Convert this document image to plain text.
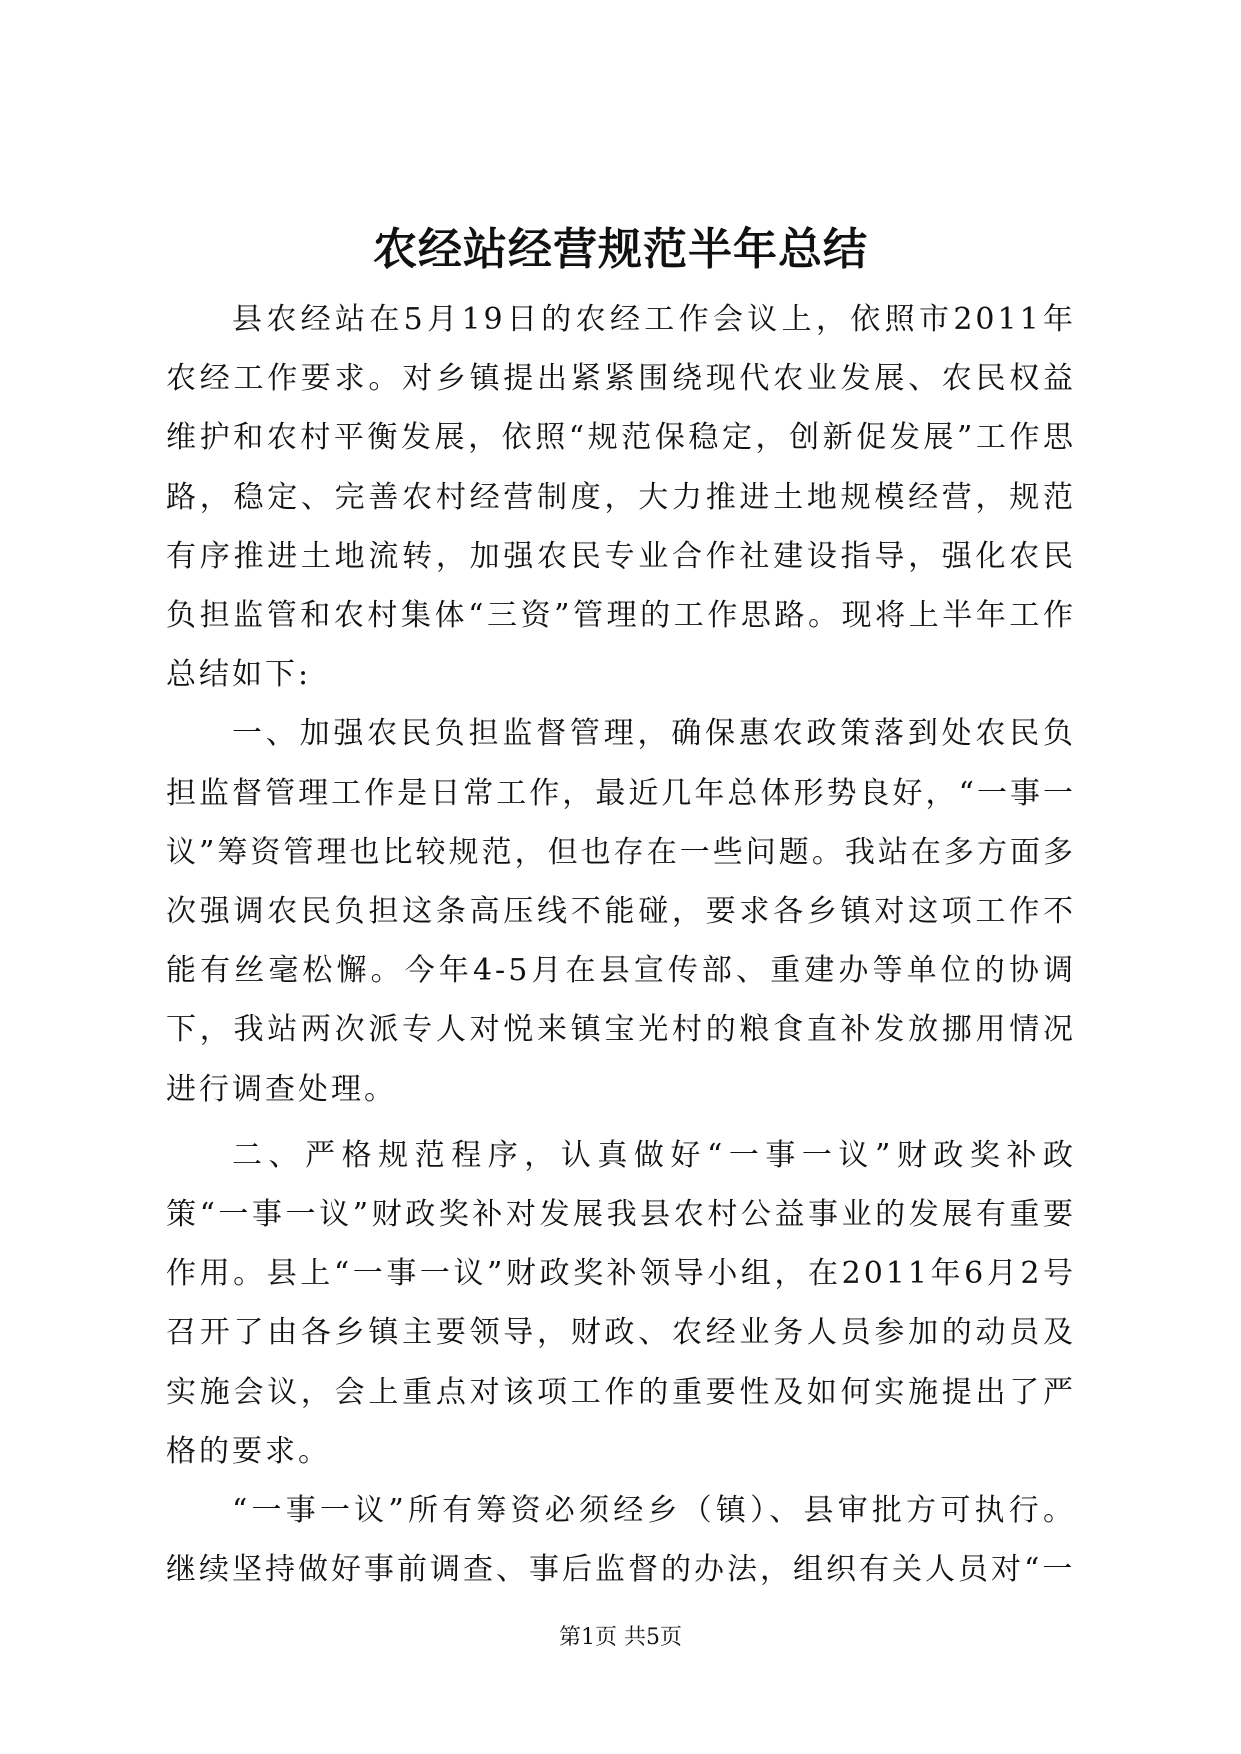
农经站经营规范半年总结

县农经站在5月19日的农经工作会议上，依照市2011年农经工作要求。对乡镇提出紧紧围绕现代农业发展、农民权益维护和农村平衡发展，依照“规范保稳定，创新促发展”工作思路，稳定、完善农村经营制度，大力推进土地规模经营，规范有序推进土地流转，加强农民专业合作社建设指导，强化农民负担监管和农村集体“三资”管理的工作思路。现将上半年工作总结如下:

一、加强农民负担监督管理，确保惠农政策落到处农民负担监督管理工作是日常工作，最近几年总体形势良好，“一事一议”筹资管理也比较规范，但也存在一些问题。我站在多方面多次强调农民负担这条高压线不能碰，要求各乡镇对这项工作不能有丝毫松懈。今年4-5月在县宣传部、重建办等单位的协调下，我站两次派专人对悦来镇宝光村的粮食直补发放挪用情况进行调查处理。

二、严格规范程序，认真做好“一事一议”财政奖补政策“一事一议”财政奖补对发展我县农村公益事业的发展有重要作用。县上“一事一议”财政奖补领导小组，在2011年6月2号召开了由各乡镇主要领导，财政、农经业务人员参加的动员及实施会议，会上重点对该项工作的重要性及如何实施提出了严格的要求。

“一事一议”所有筹资必须经乡（镇）、县审批方可执行。继续坚持做好事前调查、事后监督的办法，组织有关人员对“一

第1页 共5页
